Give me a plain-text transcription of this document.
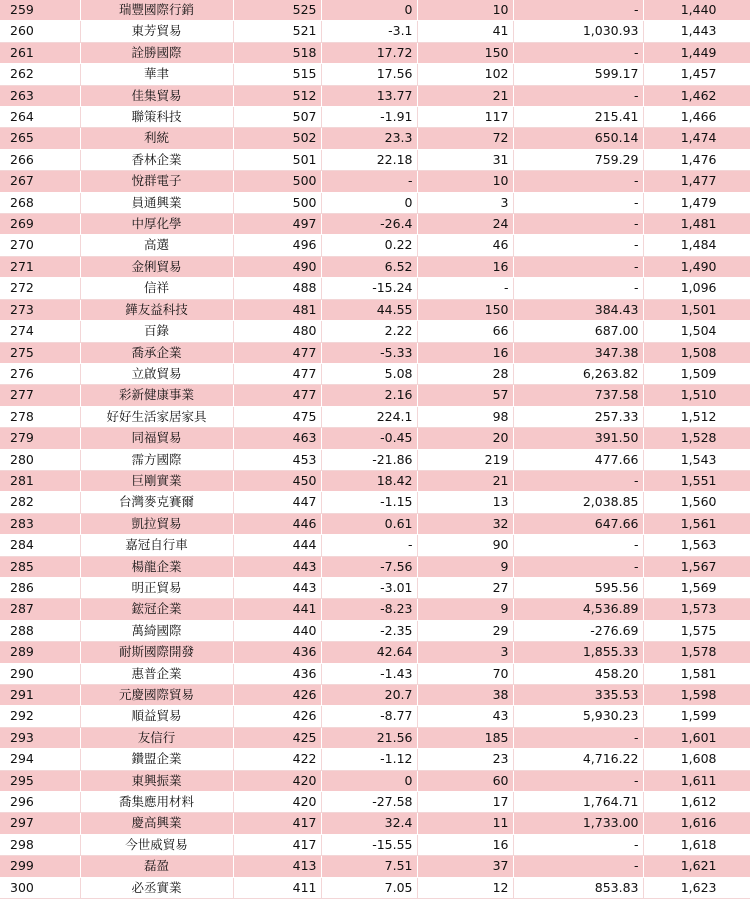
259	瑞豐國際行銷	525	0	10	-	1,440
260	東芳貿易	521	-3.1	41	1,030.93	1,443
261	詮勝國際	518	17.72	150	-	1,449
262	華聿	515	17.56	102	599.17	1,457
263	佳集貿易	512	13.77	21	-	1,462
264	聯策科技	507	-1.91	117	215.41	1,466
265	利統	502	23.3	72	650.14	1,474
266	香林企業	501	22.18	31	759.29	1,476
267	悅群電子	500	-	10	-	1,477
268	員通興業	500	0	3	-	1,479
269	中厚化學	497	-26.4	24	-	1,481
270	高選	496	0.22	46	-	1,484
271	金俐貿易	490	6.52	16	-	1,490
272	信祥	488	-15.24	-	-	1,096
273	鏵友益科技	481	44.55	150	384.43	1,501
274	百錄	480	2.22	66	687.00	1,504
275	喬承企業	477	-5.33	16	347.38	1,508
276	立啟貿易	477	5.08	28	6,263.82	1,509
277	彩新健康事業	477	2.16	57	737.58	1,510
278	好好生活家居家具	475	224.1	98	257.33	1,512
279	同福貿易	463	-0.45	20	391.50	1,528
280	霈方國際	453	-21.86	219	477.66	1,543
281	巨剛實業	450	18.42	21	-	1,551
282	台灣麥克賽爾	447	-1.15	13	2,038.85	1,560
283	凱拉貿易	446	0.61	32	647.66	1,561
284	嘉冠自行車	444	-	90	-	1,563
285	楊龍企業	443	-7.56	9	-	1,567
286	明正貿易	443	-3.01	27	595.56	1,569
287	鋐冠企業	441	-8.23	9	4,536.89	1,573
288	萬綺國際	440	-2.35	29	-276.69	1,575
289	耐斯國際開發	436	42.64	3	1,855.33	1,578
290	惠普企業	436	-1.43	70	458.20	1,581
291	元慶國際貿易	426	20.7	38	335.53	1,598
292	順益貿易	426	-8.77	43	5,930.23	1,599
293	友信行	425	21.56	185	-	1,601
294	鑽盟企業	422	-1.12	23	4,716.22	1,608
295	東興振業	420	0	60	-	1,611
296	喬集應用材料	420	-27.58	17	1,764.71	1,612
297	慶高興業	417	32.4	11	1,733.00	1,616
298	今世威貿易	417	-15.55	16	-	1,618
299	磊盈	413	7.51	37	-	1,621
300	必丞實業	411	7.05	12	853.83	1,623
